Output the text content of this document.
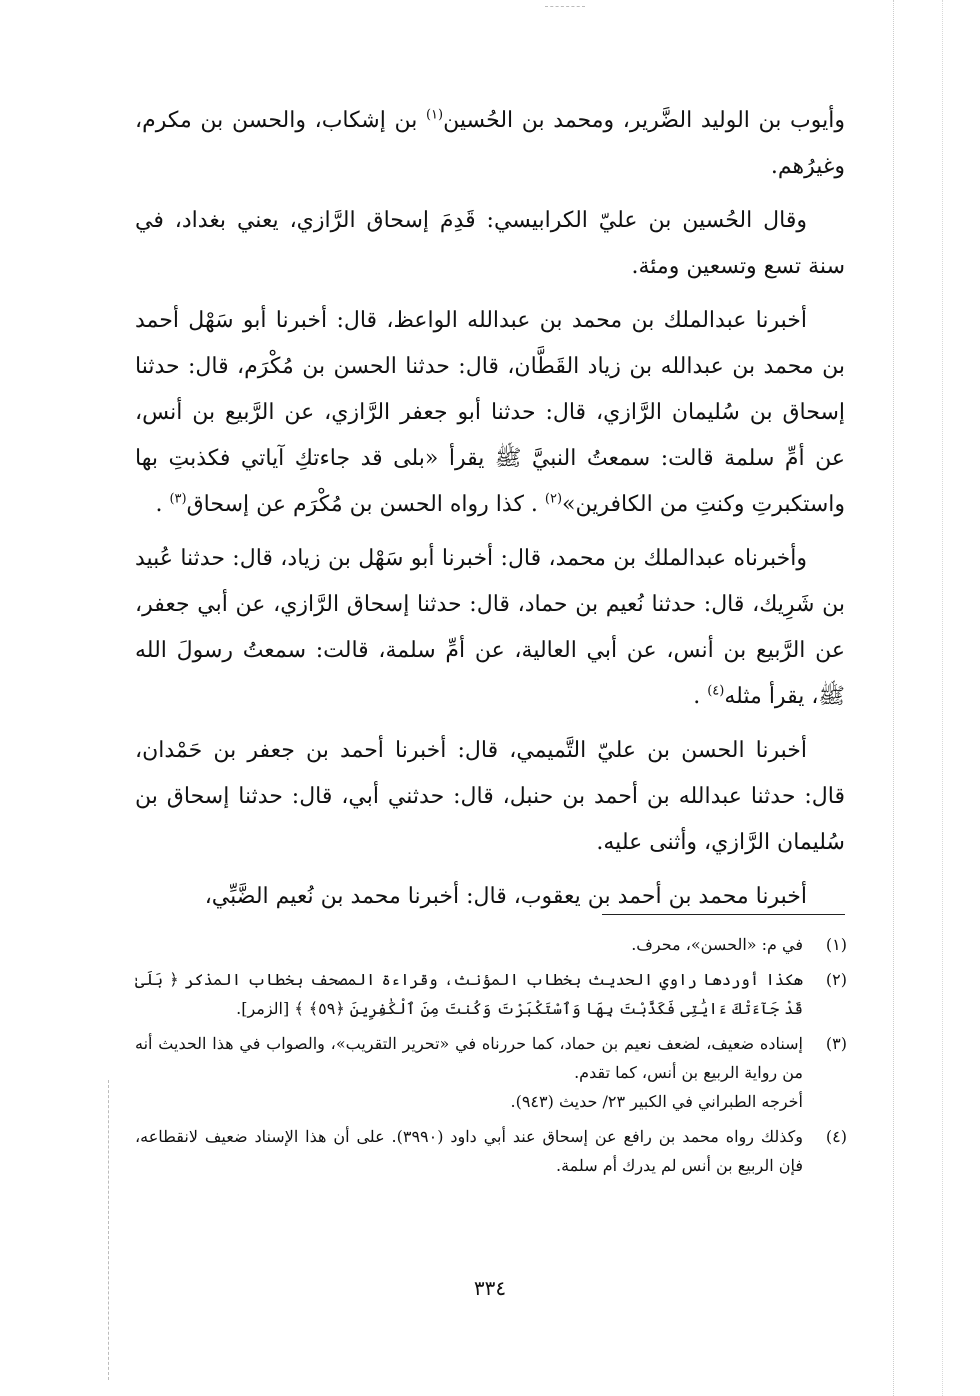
وأيوب بن الوليد الضَّرير، ومحمد بن الحُسين$^{(١)}$ بن إشكاب، والحسن بن مكرم، وغيرُهم.

وقال الحُسين بن عليّ الكرابيسي: قَدِمَ إسحاق الرَّازي، يعني بغداد، في سنة تسع وتسعين ومئة.

أخبرنا عبدالملك بن محمد بن عبدالله الواعظ، قال: أخبرنا أبو سَهْل أحمد بن محمد بن عبدالله بن زياد القَطَّان، قال: حدثنا الحسن بن مُكْرَم، قال: حدثنا إسحاق بن سُليمان الرَّازي، قال: حدثنا أبو جعفر الرَّازي، عن الرَّبيع بن أنس، عن أمِّ سلمة قالت: سمعتُ النبيَّ ﷺ يقرأ «بلى قد جاءتكِ آياتي فكذبتِ بها واستكبرتِ وكنتِ من الكافرين»$^{(٢)}$ . كذا رواه الحسن بن مُكْرَم عن إسحاق$^{(٣)}$ .

وأخبرناه عبدالملك بن محمد، قال: أخبرنا أبو سَهْل بن زياد، قال: حدثنا عُبيد بن شَرِيك، قال: حدثنا نُعيم بن حماد، قال: حدثنا إسحاق الرَّازي، عن أبي جعفر، عن الرَّبيع بن أنس، عن أبي العالية، عن أمِّ سلمة، قالت: سمعتُ رسولَ الله ﷺ، يقرأ مثله$^{(٤)}$ .

أخبرنا الحسن بن عليّ التَّميمي، قال: أخبرنا أحمد بن جعفر بن حَمْدان، قال: حدثنا عبدالله بن أحمد بن حنبل، قال: حدثني أبي، قال: حدثنا إسحاق بن سُليمان الرَّازي، وأثنى عليه.

أخبرنا محمد بن أحمد بن يعقوب، قال: أخبرنا محمد بن نُعيم الضَّبِّي،

(١)
في م: «الحسن»، محرف.
(٢)
هكذا أوردها راوي الحديث بخطاب المؤنث، وقراءة المصحف بخطاب المذكر ﴿ بَلَىٰ قَدْ جَآءَتْكَ ءَايَٰتِى فَكَذَّبْتَ بِهَا وَٱسْتَكْبَرْتَ وَكُنتَ مِنَ ٱلْكَٰفِرِينَ ﴿٥٩﴾ ﴾ [الزمر].
(٣)
إسناده ضعيف، لضعف نعيم بن حماد، كما حررناه في «تحرير التقريب»، والصواب في هذا الحديث أنه من رواية الربيع بن أنس، كما تقدم.
أخرجه الطبراني في الكبير ٢٣/ حديث (٩٤٣).
(٤)
وكذلك رواه محمد بن رافع عن إسحاق عند أبي داود (٣٩٩٠). على أن هذا الإسناد ضعيف لانقطاعه، فإن الربيع بن أنس لم يدرك أم سلمة.
٣٣٤
